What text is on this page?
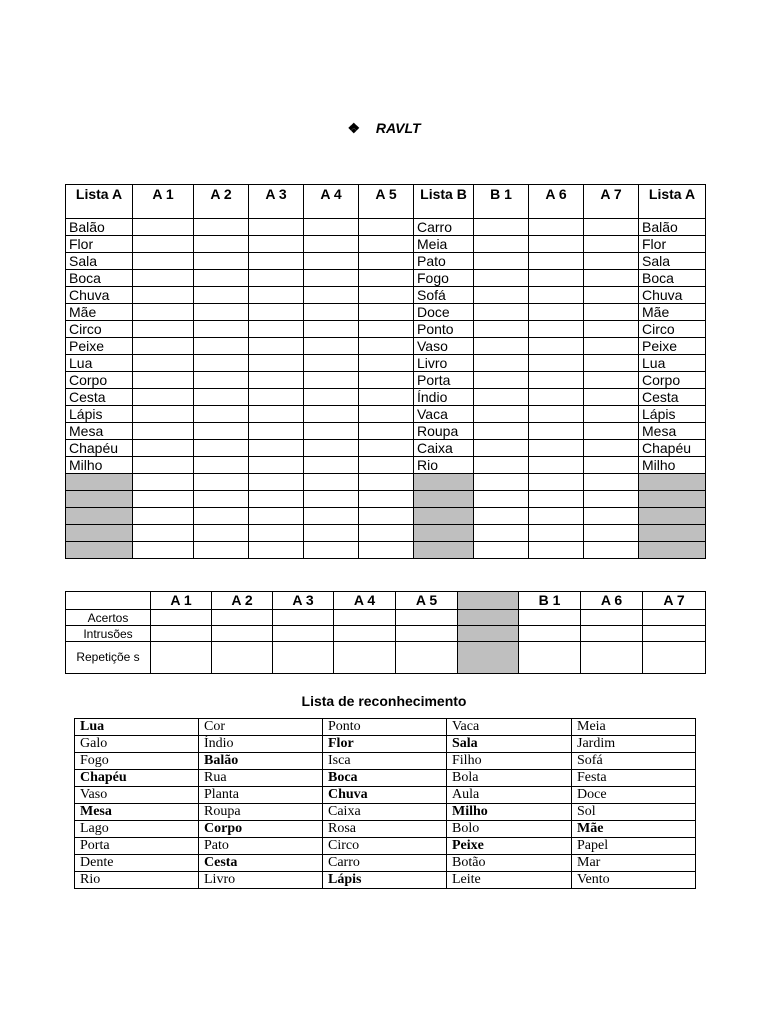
❖ RAVLT
Lista A	A 1	A 2	A 3	A 4	A 5	Lista B	B 1	A 6	A 7	Lista A
Balão						Carro				Balão
Flor						Meia				Flor
Sala						Pato				Sala
Boca						Fogo				Boca
Chuva						Sofá				Chuva
Mãe						Doce				Mãe
Circo						Ponto				Circo
Peixe						Vaso				Peixe
Lua						Livro				Lua
Corpo						Porta				Corpo
Cesta						Índio				Cesta
Lápis						Vaca				Lápis
Mesa						Roupa				Mesa
Chapéu						Caixa				Chapéu
Milho						Rio				Milho

	A 1	A 2	A 3	A 4	A 5		B 1	A 6	A 7
Acertos									
Intrusões									
Repetiçõe s									
Lista de reconhecimento
Lua	Cor	Ponto	Vaca	Meia
Galo	Índio	Flor	Sala	Jardim
Fogo	Balão	Isca	Filho	Sofá
Chapéu	Rua	Boca	Bola	Festa
Vaso	Planta	Chuva	Aula	Doce
Mesa	Roupa	Caixa	Milho	Sol
Lago	Corpo	Rosa	Bolo	Mãe
Porta	Pato	Circo	Peixe	Papel
Dente	Cesta	Carro	Botão	Mar
Rio	Livro	Lápis	Leite	Vento
